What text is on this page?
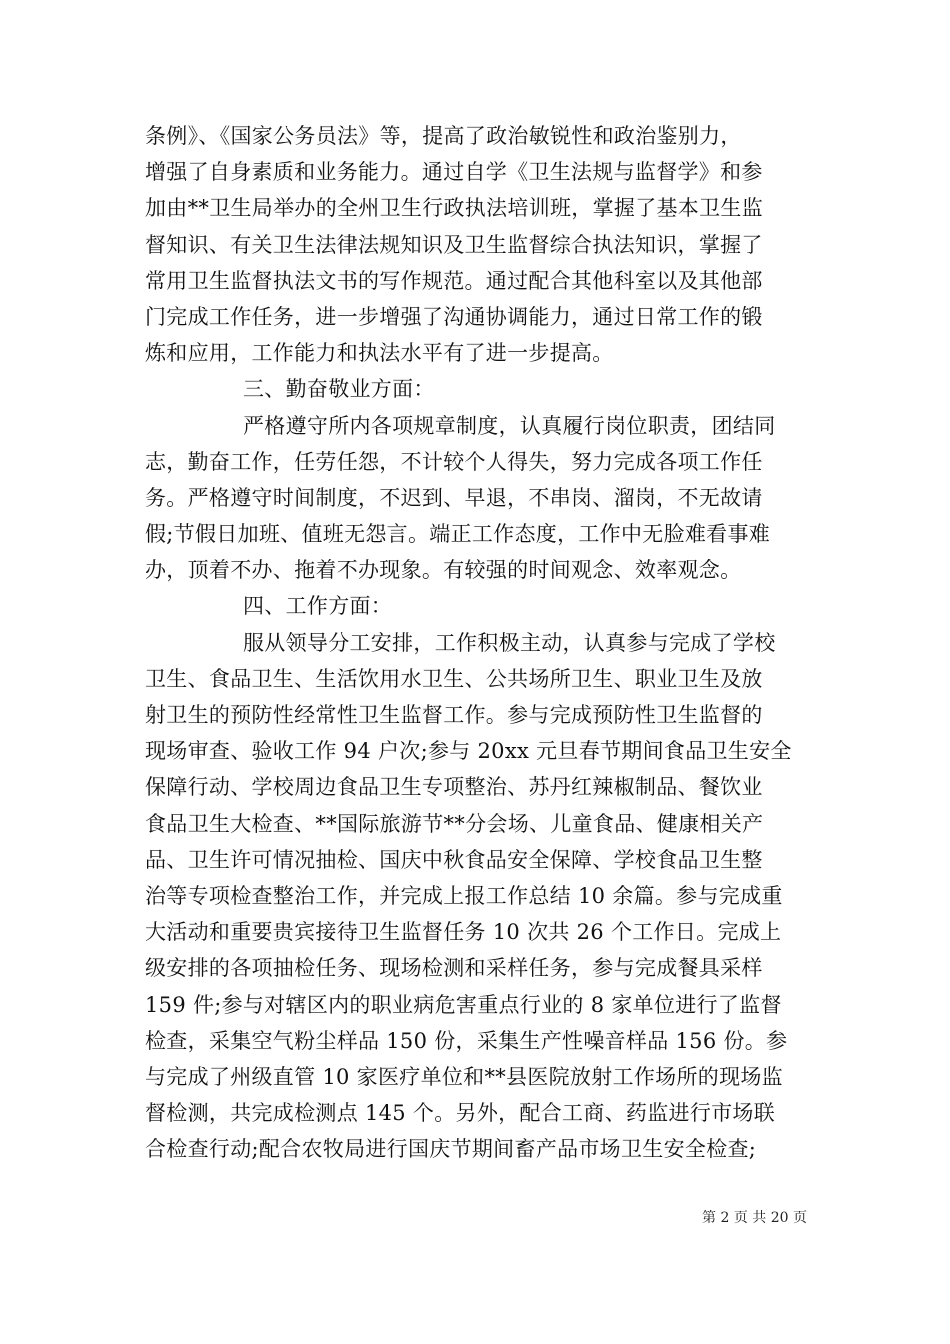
条例》、《国家公务员法》等，提高了政治敏锐性和政治鉴别力，
增强了自身素质和业务能力。通过自学《卫生法规与监督学》和参
加由**卫生局举办的全州卫生行政执法培训班，掌握了基本卫生监
督知识、有关卫生法律法规知识及卫生监督综合执法知识，掌握了
常用卫生监督执法文书的写作规范。通过配合其他科室以及其他部
门完成工作任务，进一步增强了沟通协调能力，通过日常工作的锻
炼和应用，工作能力和执法水平有了进一步提高。
三、勤奋敬业方面：
严格遵守所内各项规章制度，认真履行岗位职责，团结同
志，勤奋工作，任劳任怨，不计较个人得失，努力完成各项工作任
务。严格遵守时间制度，不迟到、早退，不串岗、溜岗，不无故请
假;节假日加班、值班无怨言。端正工作态度，工作中无脸难看事难
办，顶着不办、拖着不办现象。有较强的时间观念、效率观念。
四、工作方面：
服从领导分工安排，工作积极主动，认真参与完成了学校
卫生、食品卫生、生活饮用水卫生、公共场所卫生、职业卫生及放
射卫生的预防性经常性卫生监督工作。参与完成预防性卫生监督的
现场审查、验收工作 94 户次;参与 20xx 元旦春节期间食品卫生安全
保障行动、学校周边食品卫生专项整治、苏丹红辣椒制品、餐饮业
食品卫生大检查、**国际旅游节**分会场、儿童食品、健康相关产
品、卫生许可情况抽检、国庆中秋食品安全保障、学校食品卫生整
治等专项检查整治工作，并完成上报工作总结 10 余篇。参与完成重
大活动和重要贵宾接待卫生监督任务 10 次共 26 个工作日。完成上
级安排的各项抽检任务、现场检测和采样任务，参与完成餐具采样
159 件;参与对辖区内的职业病危害重点行业的 8 家单位进行了监督
检查，采集空气粉尘样品 150 份，采集生产性噪音样品 156 份。参
与完成了州级直管 10 家医疗单位和**县医院放射工作场所的现场监
督检测，共完成检测点 145 个。另外，配合工商、药监进行市场联
合检查行动;配合农牧局进行国庆节期间畜产品市场卫生安全检查;
第 2 页 共 20 页
